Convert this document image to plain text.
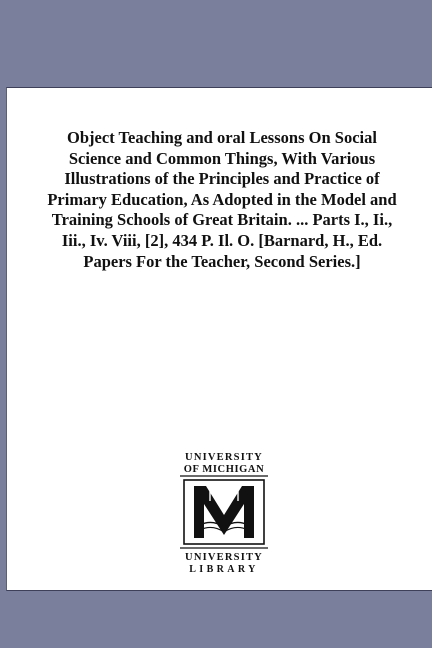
Object Teaching and oral Lessons On Social Science and Common Things, With Various Illustrations of the Principles and Practice of Primary Education, As Adopted in the Model and Training Schools of Great Britain. ... Parts I., Ii., Iii., Iv. Viii, [2], 434 P. Il. O. [Barnard, H., Ed. Papers For the Teacher, Second Series.]
UNIVERSITY
OF MICHIGAN
UNIVERSITY
LIBRARY
